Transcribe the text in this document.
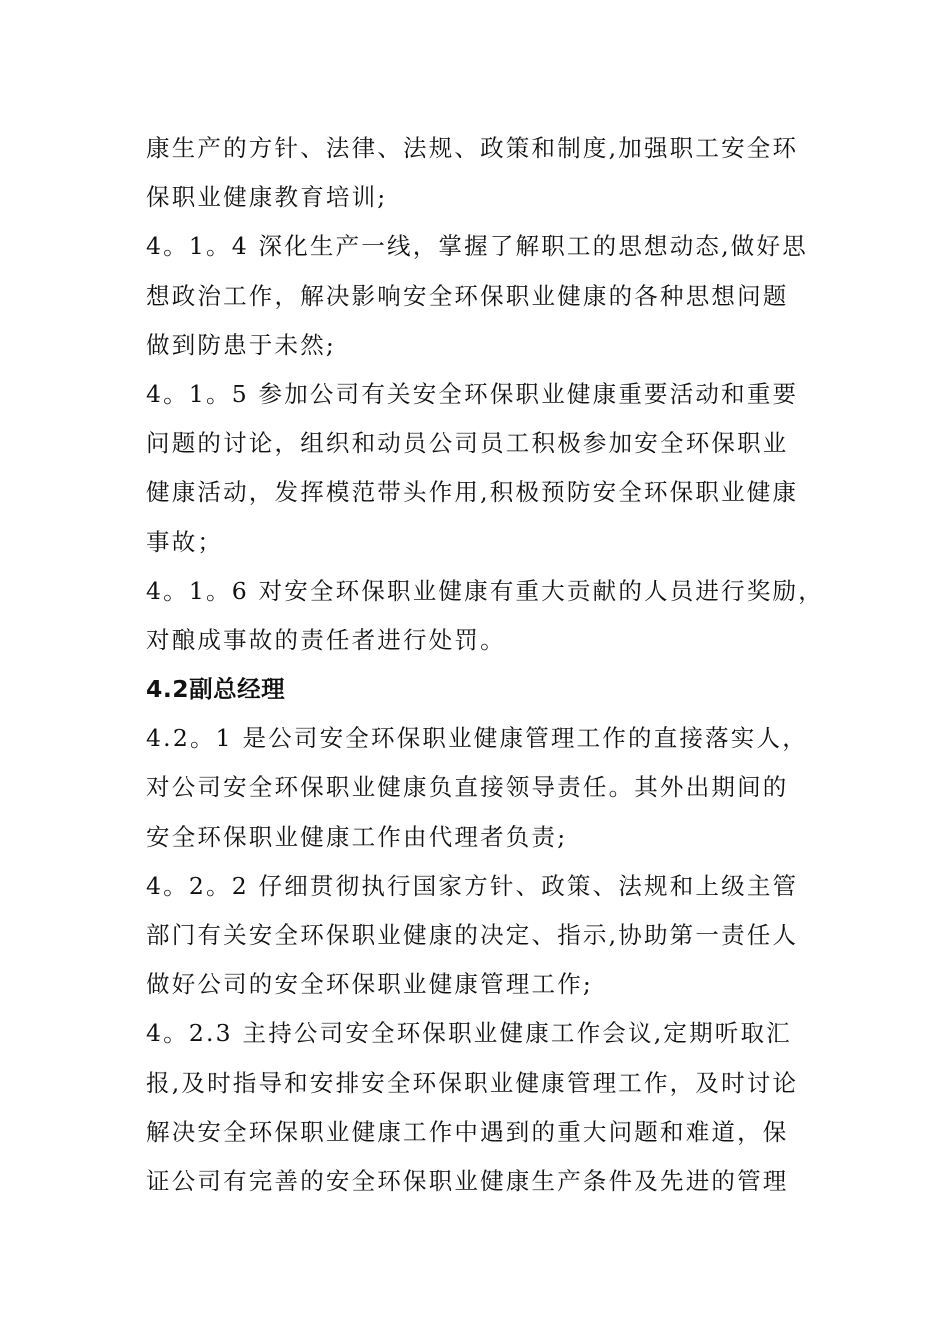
康生产的方针、法律、法规、政策和制度,加强职工安全环
保职业健康教育培训;
4。1。4 深化生产一线，掌握了解职工的思想动态,做好思
想政治工作，解决影响安全环保职业健康的各种思想问题
做到防患于未然;
4。1。5 参加公司有关安全环保职业健康重要活动和重要
问题的讨论，组织和动员公司员工积极参加安全环保职业
健康活动，发挥模范带头作用,积极预防安全环保职业健康
事故；
4。1。6 对安全环保职业健康有重大贡献的人员进行奖励，
对酿成事故的责任者进行处罚。
4.2副总经理
4.2。1 是公司安全环保职业健康管理工作的直接落实人，
对公司安全环保职业健康负直接领导责任。其外出期间的
安全环保职业健康工作由代理者负责;
4。2。2 仔细贯彻执行国家方针、政策、法规和上级主管
部门有关安全环保职业健康的决定、指示,协助第一责任人
做好公司的安全环保职业健康管理工作;
4。2.3 主持公司安全环保职业健康工作会议,定期听取汇
报,及时指导和安排安全环保职业健康管理工作，及时讨论
解决安全环保职业健康工作中遇到的重大问题和难道，保
证公司有完善的安全环保职业健康生产条件及先进的管理
